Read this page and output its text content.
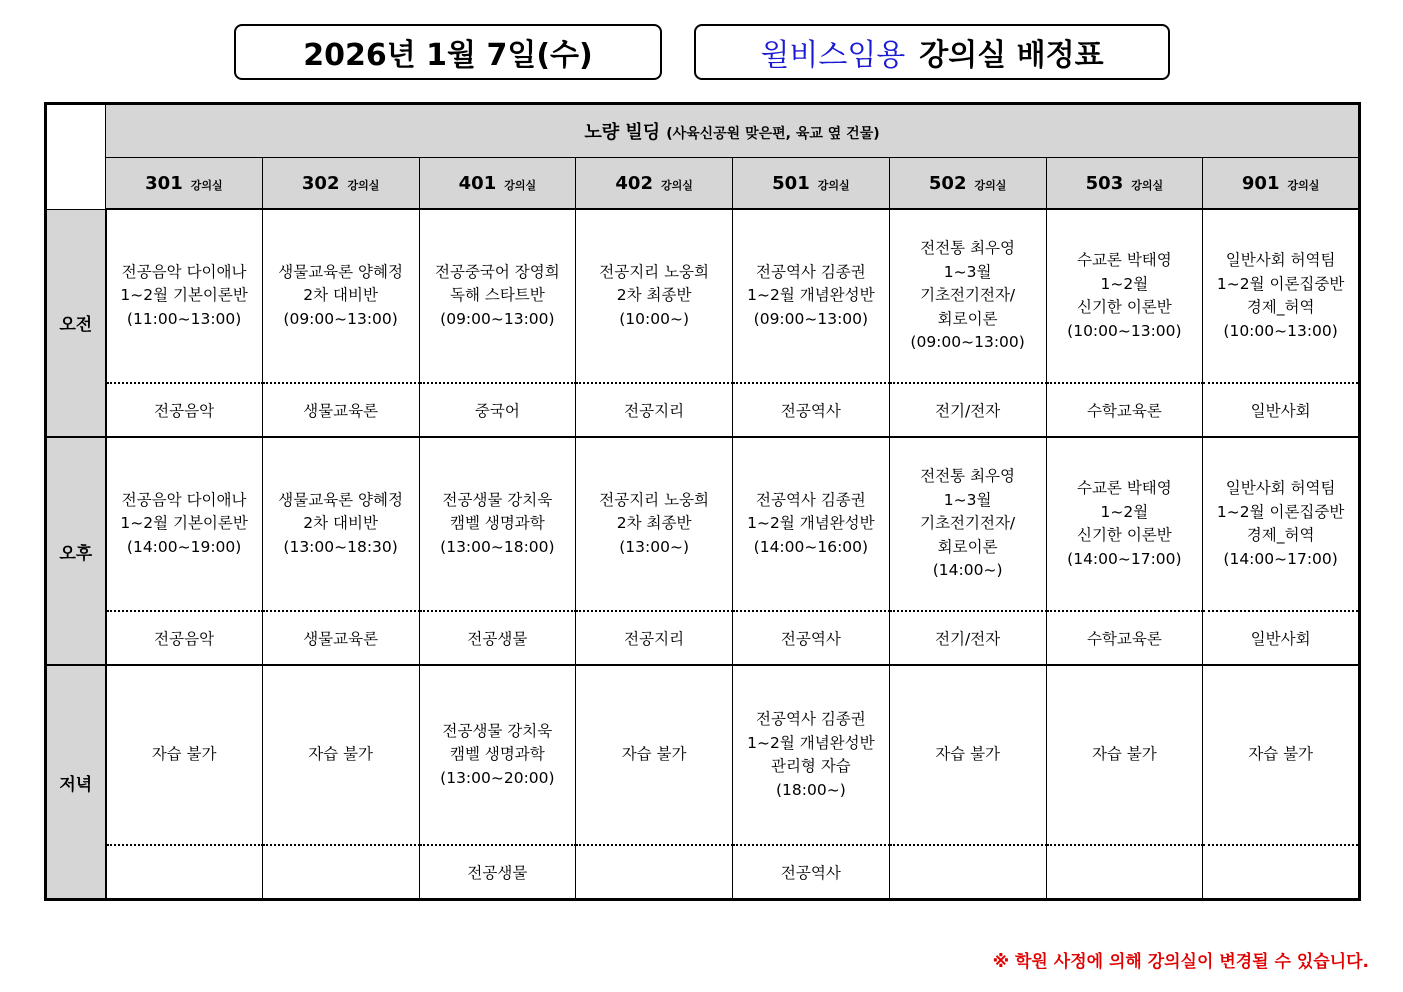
2026년 1월 7일(수)	윌비스임용 강의실 배정표
	노량 빌딩 (사육신공원 맞은편, 육교 옆 건물)							
	301 강의실	302 강의실	401 강의실	402 강의실	501 강의실	502 강의실	503 강의실	901 강의실
오전	전공음악 다이애나
1~2월 기본이론반
(11:00~13:00)	생물교육론 양혜정
2차 대비반
(09:00~13:00)	전공중국어 장영희
독해 스타트반
(09:00~13:00)	전공지리 노웅희
2차 최종반
(10:00~)	전공역사 김종권
1~2월 개념완성반
(09:00~13:00)	전전통 최우영
1~3월
기초전기전자/
회로이론
(09:00~13:00)	수교론 박태영
1~2월
신기한 이론반
(10:00~13:00)	일반사회 허역팀
1~2월 이론집중반
경제_허역
(10:00~13:00)

	전공음악	생물교육론	중국어	전공지리	전공역사	전기/전자	수학교육론	일반사회
오후	전공음악 다이애나
1~2월 기본이론반
(14:00~19:00)	생물교육론 양혜정
2차 대비반
(13:00~18:30)	전공생물 강치욱
캠벨 생명과학
(13:00~18:00)	전공지리 노웅희
2차 최종반
(13:00~)	전공역사 김종권
1~2월 개념완성반
(14:00~16:00)	전전통 최우영
1~3월
기초전기전자/
회로이론
(14:00~)	수교론 박태영
1~2월
신기한 이론반
(14:00~17:00)	일반사회 허역팀
1~2월 이론집중반
경제_허역
(14:00~17:00)

	전공음악	생물교육론	전공생물	전공지리	전공역사	전기/전자	수학교육론	일반사회
저녁	자습 불가	자습 불가	전공생물 강치욱
캠벨 생명과학
(13:00~20:00)	자습 불가	전공역사 김종권
1~2월 개념완성반
관리형 자습
(18:00~)	자습 불가	자습 불가	자습 불가

			전공생물		전공역사			
※ 학원 사정에 의해 강의실이 변경될 수 있습니다.
